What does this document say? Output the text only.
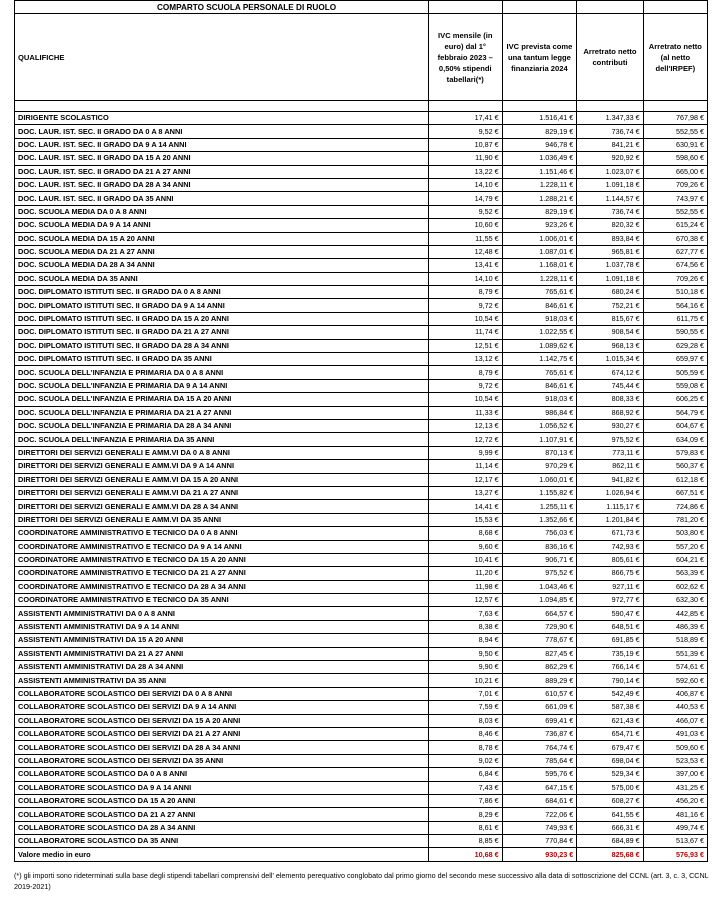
COMPARTO SCUOLA PERSONALE DI RUOLO				
QUALIFICHE	IVC mensile (in euro) dal 1° febbraio 2023 – 0,50% stipendi tabellari(*)	IVC prevista come una tantum legge finanziaria 2024	Arretrato netto contributi	Arretrato netto (al netto dell'IRPEF)

DIRIGENTE SCOLASTICO	17,41 €	1.516,41 €	1.347,33 €	767,98 €
DOC. LAUR. IST. SEC. II GRADO DA 0 A 8 ANNI	9,52 €	829,19 €	736,74 €	552,55 €
DOC. LAUR. IST. SEC. II GRADO DA 9 A 14 ANNI	10,87 €	946,78 €	841,21 €	630,91 €
DOC. LAUR. IST. SEC. II GRADO DA 15 A 20 ANNI	11,90 €	1.036,49 €	920,92 €	598,60 €
DOC. LAUR. IST. SEC. II GRADO DA 21 A 27 ANNI	13,22 €	1.151,46 €	1.023,07 €	665,00 €
DOC. LAUR. IST. SEC. II GRADO DA 28 A 34 ANNI	14,10 €	1.228,11 €	1.091,18 €	709,26 €
DOC. LAUR. IST. SEC. II GRADO DA 35 ANNI	14,79 €	1.288,21 €	1.144,57 €	743,97 €
DOC. SCUOLA MEDIA DA 0 A 8 ANNI	9,52 €	829,19 €	736,74 €	552,55 €
DOC. SCUOLA MEDIA DA 9 A 14 ANNI	10,60 €	923,26 €	820,32 €	615,24 €
DOC. SCUOLA MEDIA DA 15 A 20 ANNI	11,55 €	1.006,01 €	893,84 €	670,38 €
DOC. SCUOLA MEDIA DA 21 A 27 ANNI	12,48 €	1.087,01 €	965,81 €	627,77 €
DOC. SCUOLA MEDIA DA 28 A 34 ANNI	13,41 €	1.168,01 €	1.037,78 €	674,56 €
DOC. SCUOLA MEDIA DA 35 ANNI	14,10 €	1.228,11 €	1.091,18 €	709,26 €
DOC. DIPLOMATO ISTITUTI SEC. II GRADO DA 0 A 8 ANNI	8,79 €	765,61 €	680,24 €	510,18 €
DOC. DIPLOMATO ISTITUTI SEC. II GRADO DA 9 A 14 ANNI	9,72 €	846,61 €	752,21 €	564,16 €
DOC. DIPLOMATO ISTITUTI SEC. II GRADO DA 15 A 20 ANNI	10,54 €	918,03 €	815,67 €	611,75 €
DOC. DIPLOMATO ISTITUTI SEC. II GRADO DA 21 A 27 ANNI	11,74 €	1.022,55 €	908,54 €	590,55 €
DOC. DIPLOMATO ISTITUTI SEC. II GRADO DA 28 A 34 ANNI	12,51 €	1.089,62 €	968,13 €	629,28 €
DOC. DIPLOMATO ISTITUTI SEC. II GRADO DA 35 ANNI	13,12 €	1.142,75 €	1.015,34 €	659,97 €
DOC. SCUOLA DELL'INFANZIA E PRIMARIA DA 0 A 8 ANNI	8,79 €	765,61 €	674,12 €	505,59 €
DOC. SCUOLA DELL'INFANZIA E PRIMARIA DA 9 A 14 ANNI	9,72 €	846,61 €	745,44 €	559,08 €
DOC. SCUOLA DELL'INFANZIA E PRIMARIA DA 15 A 20 ANNI	10,54 €	918,03 €	808,33 €	606,25 €
DOC. SCUOLA DELL'INFANZIA E PRIMARIA DA 21 A 27 ANNI	11,33 €	986,84 €	868,92 €	564,79 €
DOC. SCUOLA DELL'INFANZIA E PRIMARIA DA 28 A 34 ANNI	12,13 €	1.056,52 €	930,27 €	604,67 €
DOC. SCUOLA DELL'INFANZIA E PRIMARIA DA 35 ANNI	12,72 €	1.107,91 €	975,52 €	634,09 €
DIRETTORI DEI SERVIZI GENERALI E AMM.VI DA 0 A 8 ANNI	9,99 €	870,13 €	773,11 €	579,83 €
DIRETTORI DEI SERVIZI GENERALI E AMM.VI DA 9 A 14 ANNI	11,14 €	970,29 €	862,11 €	560,37 €
DIRETTORI DEI SERVIZI GENERALI E AMM.VI DA 15 A 20 ANNI	12,17 €	1.060,01 €	941,82 €	612,18 €
DIRETTORI DEI SERVIZI GENERALI E AMM.VI DA 21 A 27 ANNI	13,27 €	1.155,82 €	1.026,94 €	667,51 €
DIRETTORI DEI SERVIZI GENERALI E AMM.VI DA 28 A 34 ANNI	14,41 €	1.255,11 €	1.115,17 €	724,86 €
DIRETTORI DEI SERVIZI GENERALI E AMM.VI DA 35 ANNI	15,53 €	1.352,66 €	1.201,84 €	781,20 €
COORDINATORE AMMINISTRATIVO E TECNICO DA 0 A 8 ANNI	8,68 €	756,03 €	671,73 €	503,80 €
COORDINATORE AMMINISTRATIVO E TECNICO DA 9 A 14 ANNI	9,60 €	836,16 €	742,93 €	557,20 €
COORDINATORE AMMINISTRATIVO E TECNICO DA 15 A 20 ANNI	10,41 €	906,71 €	805,61 €	604,21 €
COORDINATORE AMMINISTRATIVO E TECNICO DA 21 A 27 ANNI	11,20 €	975,52 €	866,75 €	563,39 €
COORDINATORE AMMINISTRATIVO E TECNICO DA 28 A 34 ANNI	11,98 €	1.043,46 €	927,11 €	602,62 €
COORDINATORE AMMINISTRATIVO E TECNICO DA 35 ANNI	12,57 €	1.094,85 €	972,77 €	632,30 €
ASSISTENTI AMMINISTRATIVI DA 0 A 8 ANNI	7,63 €	664,57 €	590,47 €	442,85 €
ASSISTENTI AMMINISTRATIVI DA 9 A 14 ANNI	8,38 €	729,90 €	648,51 €	486,39 €
ASSISTENTI AMMINISTRATIVI DA 15 A 20 ANNI	8,94 €	778,67 €	691,85 €	518,89 €
ASSISTENTI AMMINISTRATIVI DA 21 A 27 ANNI	9,50 €	827,45 €	735,19 €	551,39 €
ASSISTENTI AMMINISTRATIVI DA 28 A 34 ANNI	9,90 €	862,29 €	766,14 €	574,61 €
ASSISTENTI AMMINISTRATIVI DA 35 ANNI	10,21 €	889,29 €	790,14 €	592,60 €
COLLABORATORE SCOLASTICO DEI SERVIZI DA 0 A 8 ANNI	7,01 €	610,57 €	542,49 €	406,87 €
COLLABORATORE SCOLASTICO DEI SERVIZI DA 9 A 14 ANNI	7,59 €	661,09 €	587,38 €	440,53 €
COLLABORATORE SCOLASTICO DEI SERVIZI DA 15 A 20 ANNI	8,03 €	699,41 €	621,43 €	466,07 €
COLLABORATORE SCOLASTICO DEI SERVIZI DA 21 A 27 ANNI	8,46 €	736,87 €	654,71 €	491,03 €
COLLABORATORE SCOLASTICO DEI SERVIZI DA 28 A 34 ANNI	8,78 €	764,74 €	679,47 €	509,60 €
COLLABORATORE SCOLASTICO DEI SERVIZI DA 35 ANNI	9,02 €	785,64 €	698,04 €	523,53 €
COLLABORATORE SCOLASTICO DA 0 A 8 ANNI	6,84 €	595,76 €	529,34 €	397,00 €
COLLABORATORE SCOLASTICO DA 9 A 14 ANNI	7,43 €	647,15 €	575,00 €	431,25 €
COLLABORATORE SCOLASTICO DA 15 A 20 ANNI	7,86 €	684,61 €	608,27 €	456,20 €
COLLABORATORE SCOLASTICO DA 21 A 27 ANNI	8,29 €	722,06 €	641,55 €	481,16 €
COLLABORATORE SCOLASTICO DA 28 A 34 ANNI	8,61 €	749,93 €	666,31 €	499,74 €
COLLABORATORE SCOLASTICO DA 35 ANNI	8,85 €	770,84 €	684,89 €	513,67 €
Valore medio in euro	10,68 €	930,23 €	825,68 €	576,93 €
(*) gli importi sono rideterminati sulla base degli stipendi tabellari comprensivi dell' elemento perequativo conglobato dal primo giorno del secondo mese successivo alla data di sottoscrizione del CCNL (art. 3, c. 3, CCNL 2019-2021)
